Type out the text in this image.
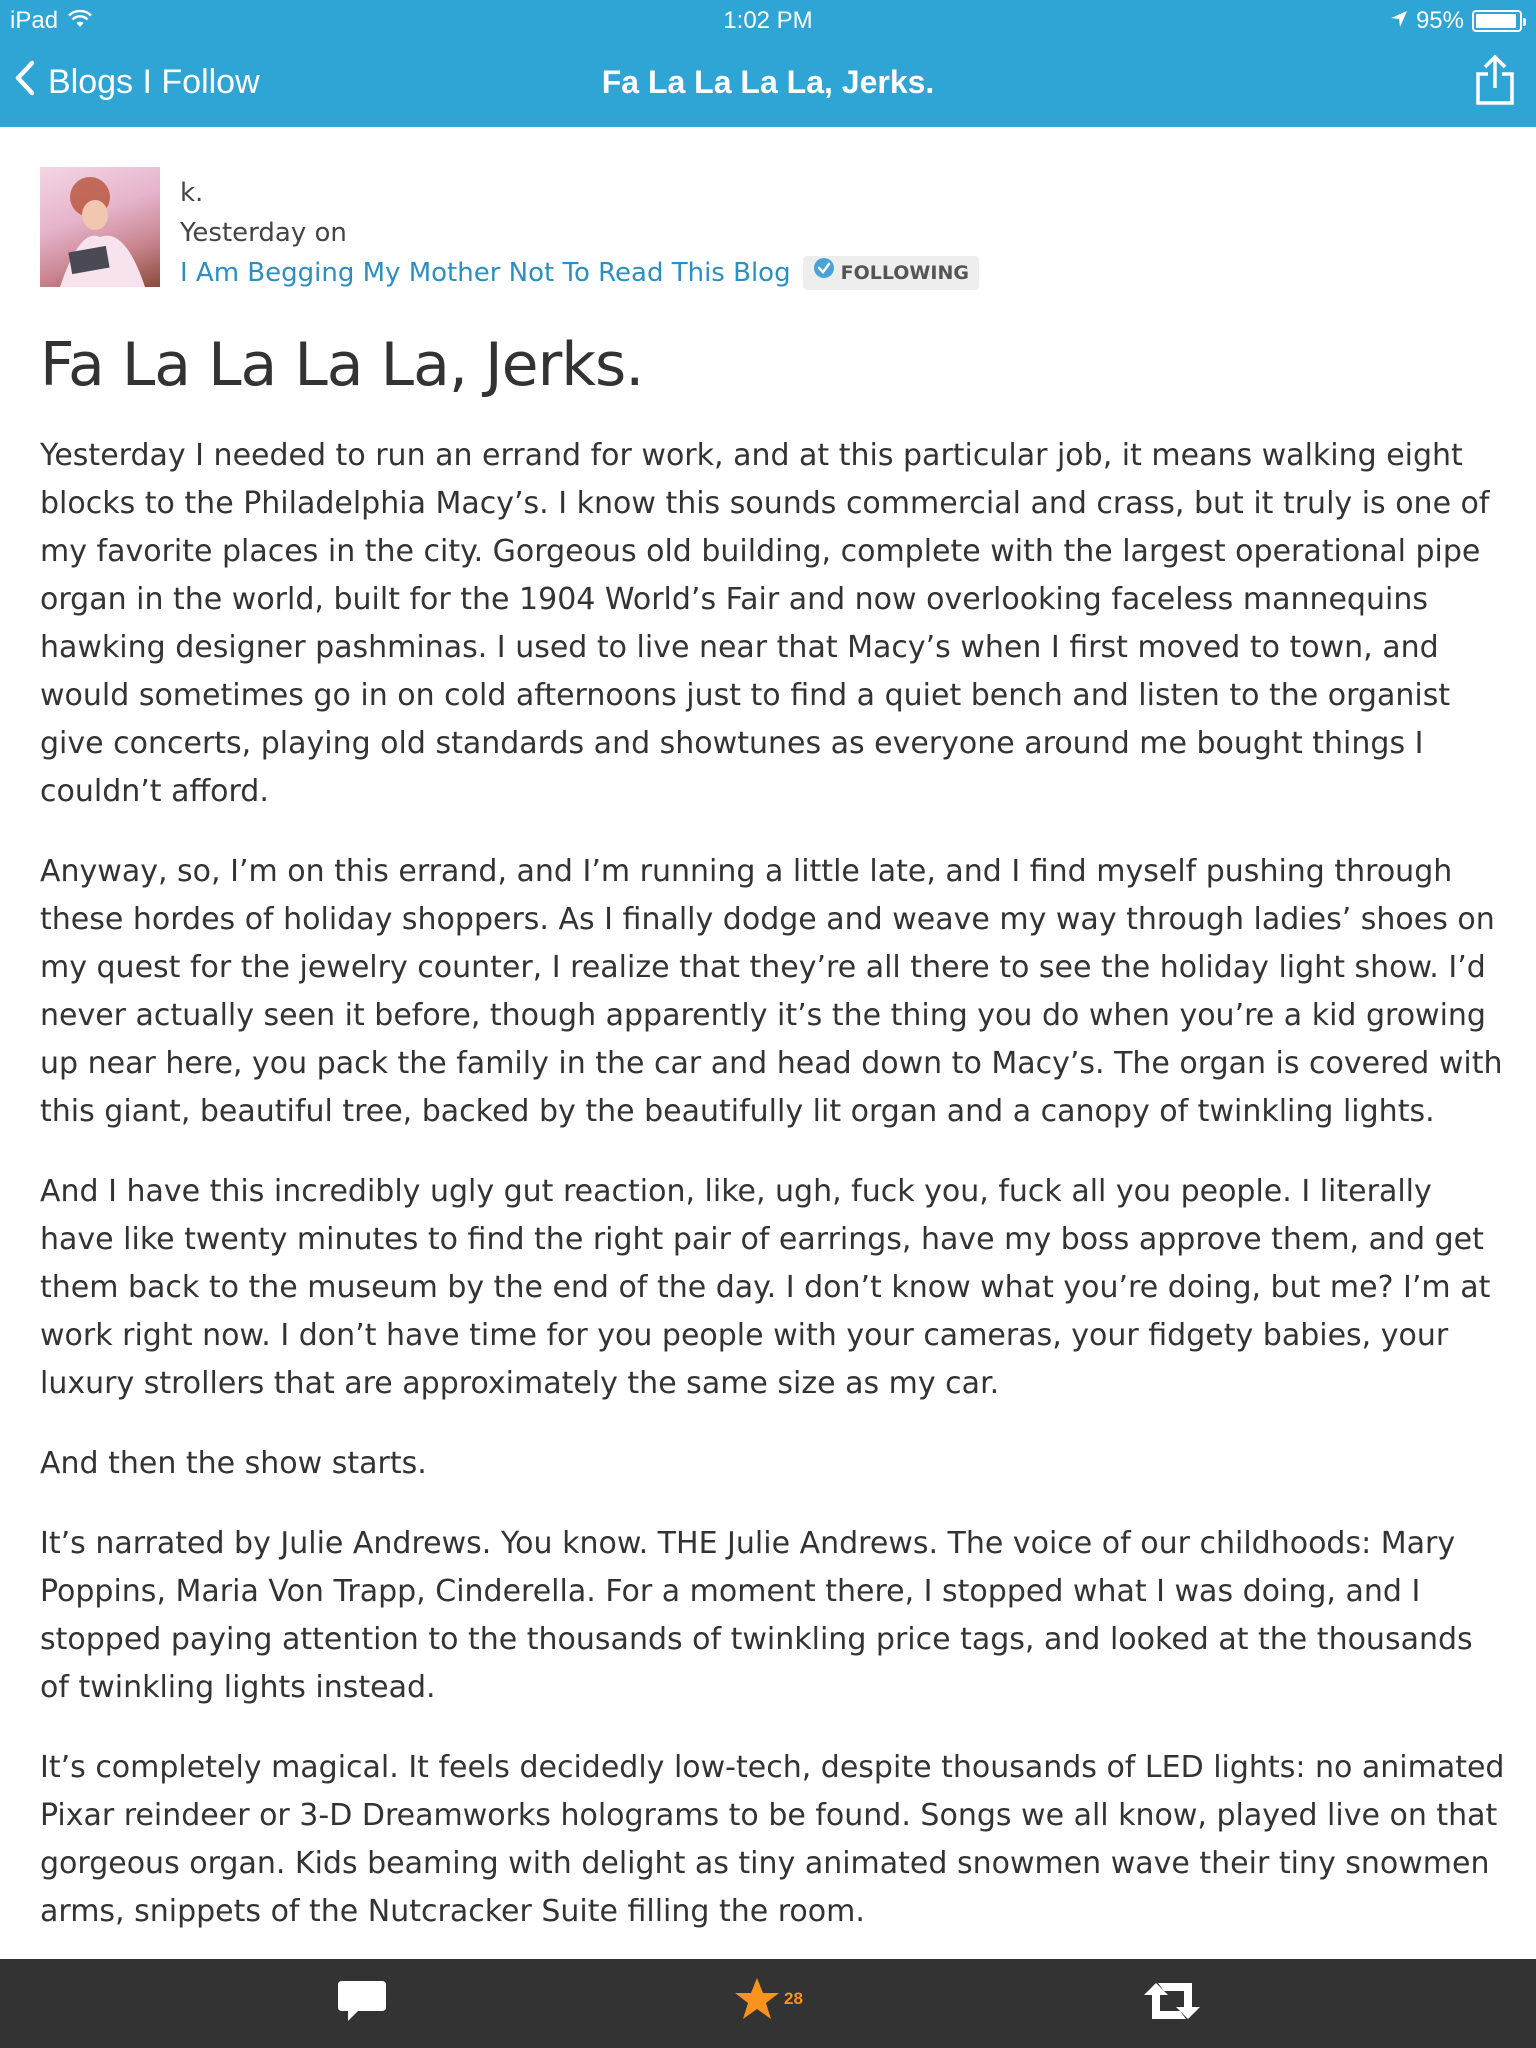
iPad	1:02 PM	95%
Blogs I Follow	Fa La La La La, Jerks.
k.
Yesterday on
I Am Begging My Mother Not To Read This Blog	FOLLOWING
Fa La La La La, Jerks.

Yesterday I needed to run an errand for work, and at this particular job, it means walking eight blocks to the Philadelphia Macy’s. I know this sounds commercial and crass, but it truly is one of my favorite places in the city. Gorgeous old building, complete with the largest operational pipe organ in the world, built for the 1904 World’s Fair and now overlooking faceless mannequins hawking designer pashminas. I used to live near that Macy’s when I first moved to town, and would sometimes go in on cold afternoons just to find a quiet bench and listen to the organist give concerts, playing old standards and showtunes as everyone around me bought things I couldn’t afford.

Anyway, so, I’m on this errand, and I’m running a little late, and I find myself pushing through these hordes of holiday shoppers. As I finally dodge and weave my way through ladies’ shoes on my quest for the jewelry counter, I realize that they’re all there to see the holiday light show. I’d never actually seen it before, though apparently it’s the thing you do when you’re a kid growing up near here, you pack the family in the car and head down to Macy’s. The organ is covered with this giant, beautiful tree, backed by the beautifully lit organ and a canopy of twinkling lights.

And I have this incredibly ugly gut reaction, like, ugh, fuck you, fuck all you people. I literally have like twenty minutes to find the right pair of earrings, have my boss approve them, and get them back to the museum by the end of the day. I don’t know what you’re doing, but me? I’m at work right now. I don’t have time for you people with your cameras, your fidgety babies, your luxury strollers that are approximately the same size as my car.

And then the show starts.

It’s narrated by Julie Andrews. You know. THE Julie Andrews. The voice of our childhoods: Mary Poppins, Maria Von Trapp, Cinderella. For a moment there, I stopped what I was doing, and I stopped paying attention to the thousands of twinkling price tags, and looked at the thousands of twinkling lights instead.

It’s completely magical. It feels decidedly low-tech, despite thousands of LED lights: no animated Pixar reindeer or 3-D Dreamworks holograms to be found. Songs we all know, played live on that gorgeous organ. Kids beaming with delight as tiny animated snowmen wave their tiny snowmen arms, snippets of the Nutcracker Suite filling the room.

28
